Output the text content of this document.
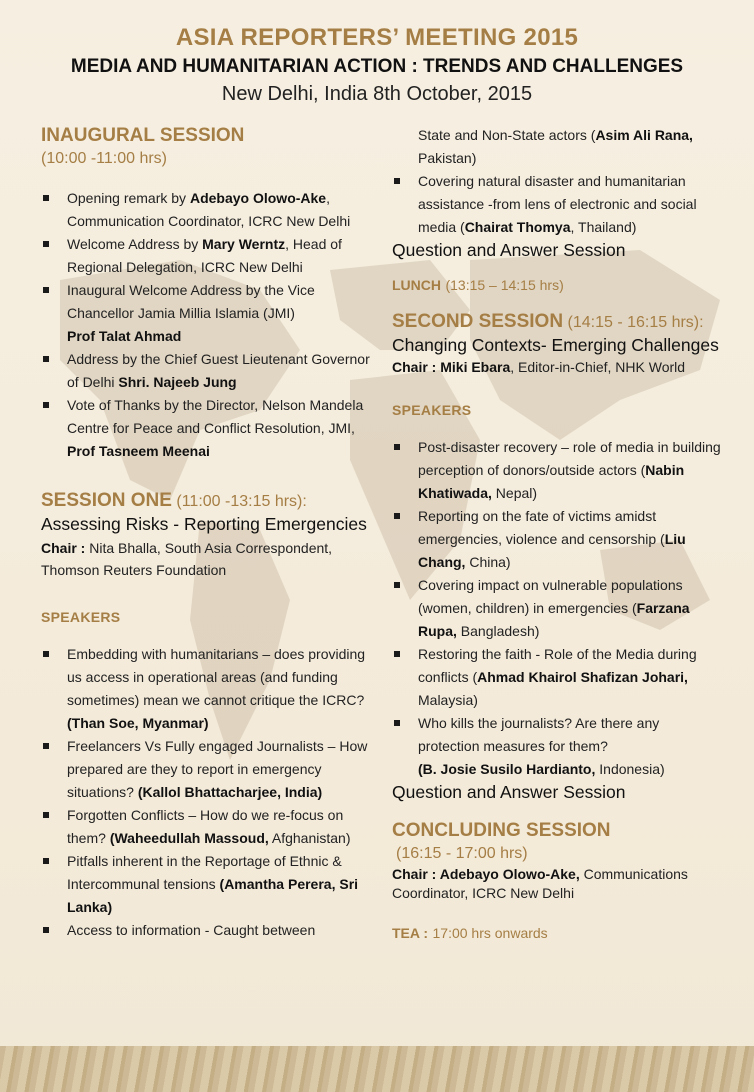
ASIA REPORTERS’ MEETING 2015
MEDIA AND HUMANITARIAN ACTION : TRENDS AND CHALLENGES
New Delhi, India 8th October, 2015
INAUGURAL SESSION
(10:00 -11:00 hrs)
Opening remark by Adebayo Olowo-Ake, Communication Coordinator, ICRC New Delhi
Welcome Address by Mary Werntz, Head of Regional Delegation, ICRC New Delhi
Inaugural Welcome Address by the Vice Chancellor Jamia Millia Islamia (JMI)
Prof Talat Ahmad
Address by the Chief Guest Lieutenant Governor of Delhi Shri. Najeeb Jung
Vote of Thanks by the Director, Nelson Mandela Centre for Peace and Conflict Resolution, JMI, Prof Tasneem Meenai
SESSION ONE (11:00 -13:15 hrs):
Assessing Risks - Reporting Emergencies
Chair : Nita Bhalla, South Asia Correspondent, Thomson Reuters Foundation
SPEAKERS
Embedding with humanitarians – does providing us access in operational areas (and funding sometimes) mean we cannot critique the ICRC? (Than Soe, Myanmar)
Freelancers Vs Fully engaged Journalists – How prepared are they to report in emergency situations? (Kallol Bhattacharjee, India)
Forgotten Conflicts – How do we re-focus on them? (Waheedullah Massoud, Afghanistan)
Pitfalls inherent in the Reportage of Ethnic & Intercommunal tensions (Amantha Perera, Sri Lanka)
Access to information - Caught between
State and Non-State actors (Asim Ali Rana, Pakistan)
Covering natural disaster and humanitarian assistance -from lens of electronic and social media (Chairat Thomya, Thailand)
Question and Answer Session
LUNCH (13:15 – 14:15 hrs)
SECOND SESSION (14:15 - 16:15 hrs):
Changing Contexts- Emerging Challenges
Chair : Miki Ebara, Editor-in-Chief, NHK World
SPEAKERS
Post-disaster recovery – role of media in building perception of donors/outside actors (Nabin Khatiwada, Nepal)
Reporting on the fate of victims amidst emergencies, violence and censorship (Liu Chang, China)
Covering impact on vulnerable populations (women, children) in emergencies (Farzana Rupa, Bangladesh)
Restoring the faith - Role of the Media during conflicts (Ahmad Khairol Shafizan Johari, Malaysia)
Who kills the journalists? Are there any protection measures for them?
(B. Josie Susilo Hardianto, Indonesia)
Question and Answer Session
CONCLUDING SESSION
(16:15 - 17:00 hrs)
Chair : Adebayo Olowo-Ake, Communications Coordinator, ICRC New Delhi
TEA : 17:00 hrs onwards
